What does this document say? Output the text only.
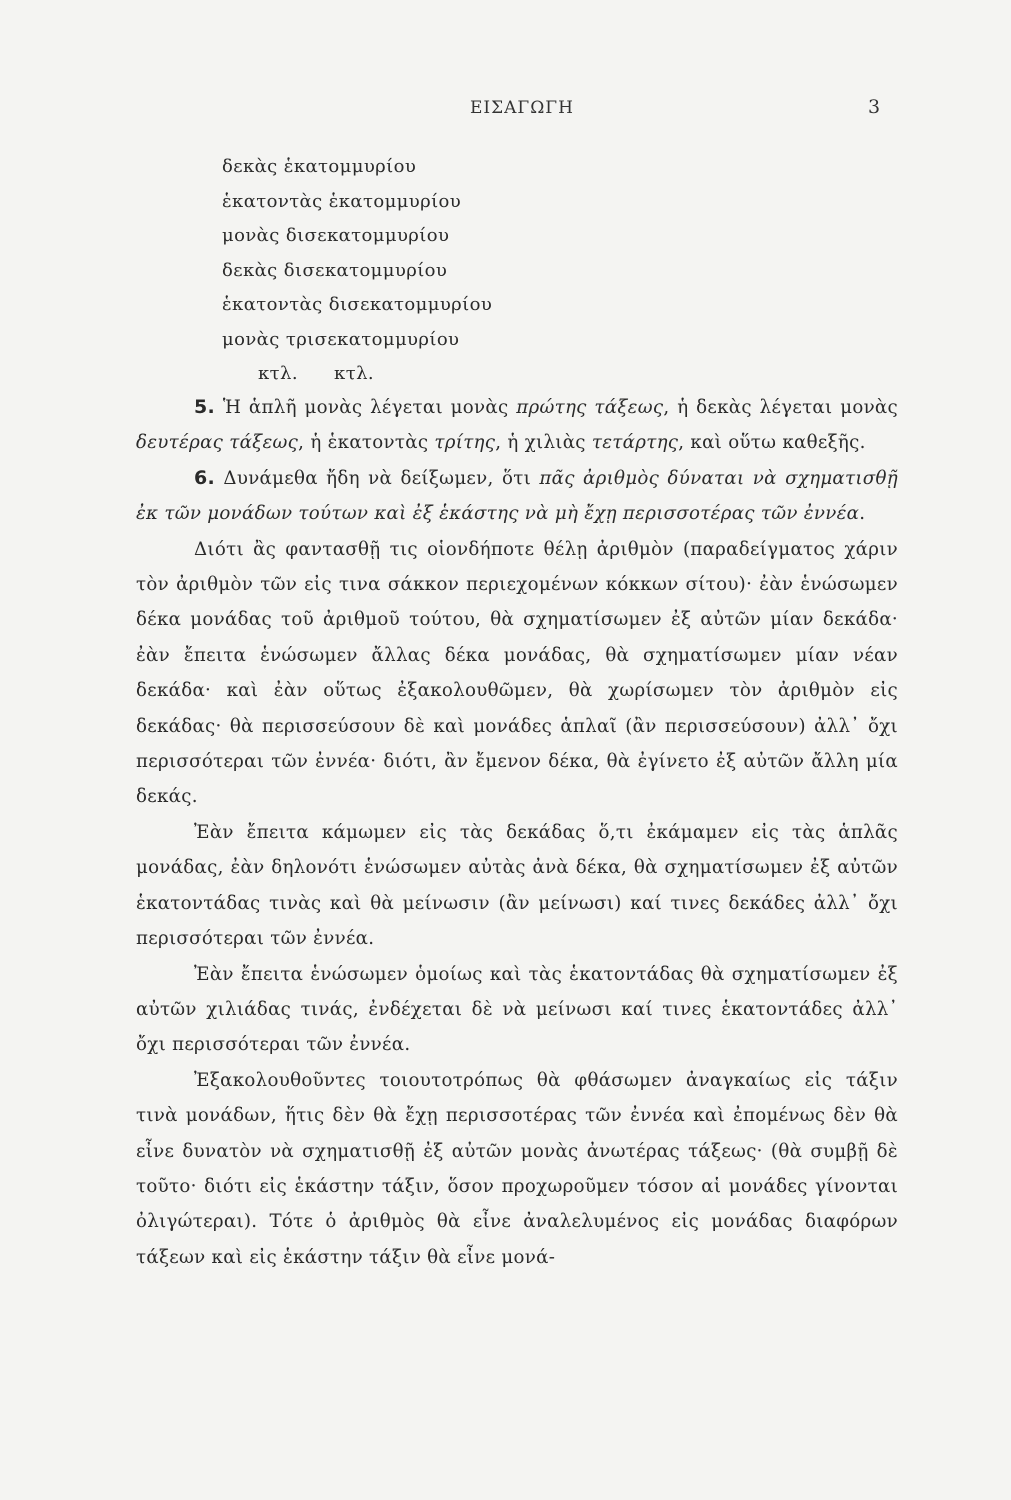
ΕΙΣΑΓΩΓΗ	3
δεκὰς ἑκατομμυρίου
ἑκατοντὰς ἑκατομμυρίου
μονὰς δισεκατομμυρίου
δεκὰς δισεκατομμυρίου
ἑκατοντὰς δισεκατομμυρίου
μονὰς τρισεκατομμυρίου
κτλ. κτλ.

5. Ἡ ἁπλῆ μονὰς λέγεται μονὰς πρώτης τάξεως, ἡ δεκὰς λέγεται μονὰς δευτέρας τάξεως, ἡ ἑκατοντὰς τρίτης, ἡ χιλιὰς τετάρτης, καὶ οὕτω καθεξῆς.

6. Δυνάμεθα ἤδη νὰ δείξωμεν, ὅτι πᾶς ἀριθμὸς δύναται νὰ σχηματισθῇ ἐκ τῶν μονάδων τούτων καὶ ἐξ ἑκάστης νὰ μὴ ἔχῃ περισσοτέρας τῶν ἐννέα.

Διότι ἂς φαντασθῇ τις οἱονδήποτε θέλῃ ἀριθμὸν (παραδείγματος χάριν τὸν ἀριθμὸν τῶν εἰς τινα σάκκον περιεχομένων κόκκων σίτου)· ἐὰν ἑνώσωμεν δέκα μονάδας τοῦ ἀριθμοῦ τούτου, θὰ σχηματίσωμεν ἐξ αὐτῶν μίαν δεκάδα· ἐὰν ἔπειτα ἑνώσωμεν ἄλλας δέκα μονάδας, θὰ σχηματίσωμεν μίαν νέαν δεκάδα· καὶ ἐὰν οὕτως ἐξακολουθῶμεν, θὰ χωρίσωμεν τὸν ἀριθμὸν εἰς δεκάδας· θὰ περισσεύσουν δὲ καὶ μονάδες ἁπλαῖ (ἂν περισσεύσουν) ἀλλ᾽ ὄχι περισσότεραι τῶν ἐννέα· διότι, ἂν ἔμενον δέκα, θὰ ἐγίνετο ἐξ αὐτῶν ἄλλη μία δεκάς.

Ἐὰν ἔπειτα κάμωμεν εἰς τὰς δεκάδας ὅ,τι ἐκάμαμεν εἰς τὰς ἁπλᾶς μονάδας, ἐὰν δηλονότι ἑνώσωμεν αὐτὰς ἀνὰ δέκα, θὰ σχηματίσωμεν ἐξ αὐτῶν ἑκατοντάδας τινὰς καὶ θὰ μείνωσιν (ἂν μείνωσι) καί τινες δεκάδες ἀλλ᾽ ὄχι περισσότεραι τῶν ἐννέα.

Ἐὰν ἔπειτα ἑνώσωμεν ὁμοίως καὶ τὰς ἑκατοντάδας θὰ σχηματίσωμεν ἐξ αὐτῶν χιλιάδας τινάς, ἐνδέχεται δὲ νὰ μείνωσι καί τινες ἑκατοντάδες ἀλλ᾽ ὄχι περισσότεραι τῶν ἐννέα.

Ἐξακολουθοῦντες τοιουτοτρόπως θὰ φθάσωμεν ἀναγκαίως εἰς τάξιν τινὰ μονάδων, ἥτις δὲν θὰ ἔχῃ περισσοτέρας τῶν ἐννέα καὶ ἐπομένως δὲν θὰ εἶνε δυνατὸν νὰ σχηματισθῇ ἐξ αὐτῶν μονὰς ἀνωτέρας τάξεως· (θὰ συμβῇ δὲ τοῦτο· διότι εἰς ἑκάστην τάξιν, ὅσον προχωροῦμεν τόσον αἱ μονάδες γίνονται ὀλιγώτεραι). Τότε ὁ ἀριθμὸς θὰ εἶνε ἀναλελυμένος εἰς μονάδας διαφόρων τάξεων καὶ εἰς ἑκάστην τάξιν θὰ εἶνε μονά-
